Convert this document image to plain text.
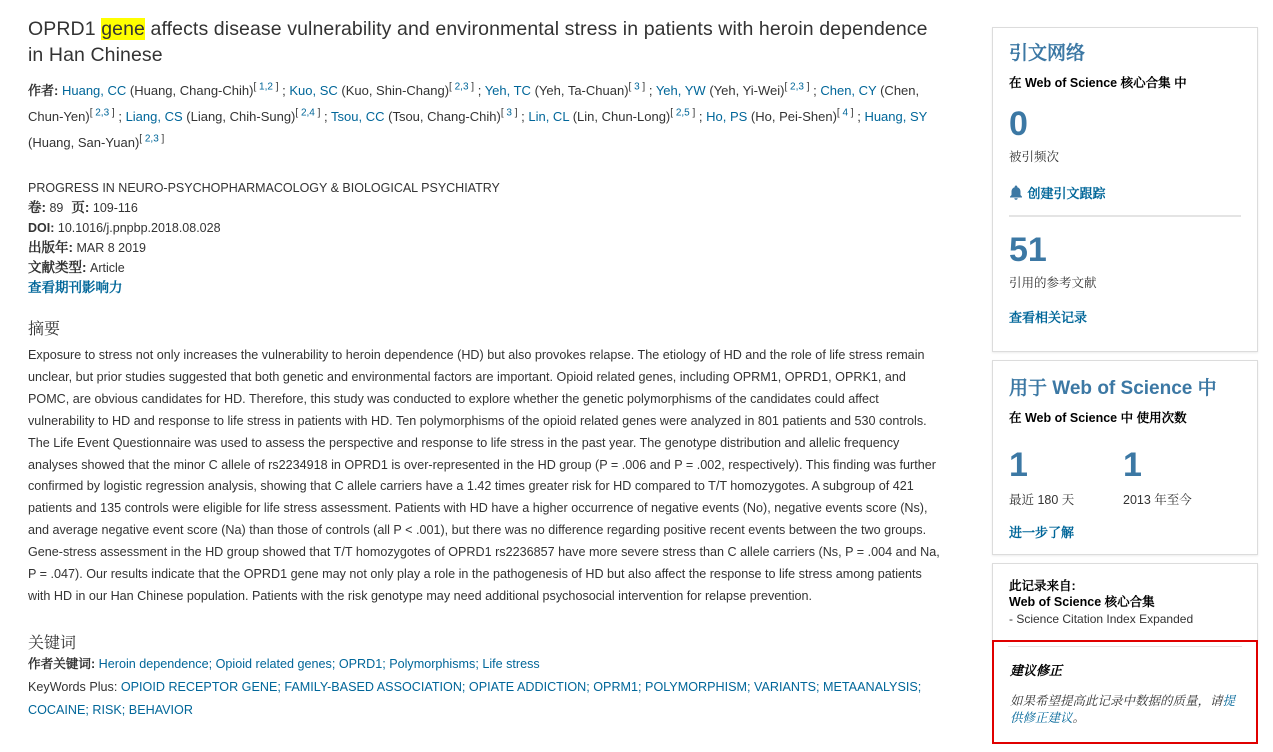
OPRD1 gene affects disease vulnerability and environmental stress in patients with heroin dependence in Han Chinese
作者: Huang, CC (Huang, Chang-Chih)[ 1,2 ] ; Kuo, SC (Kuo, Shin-Chang)[ 2,3 ] ; Yeh, TC (Yeh, Ta-Chuan)[ 3 ] ; Yeh, YW (Yeh, Yi-Wei)[ 2,3 ] ; Chen, CY (Chen, Chun-Yen)[ 2,3 ] ; Liang, CS (Liang, Chih-Sung)[ 2,4 ] ; Tsou, CC (Tsou, Chang-Chih)[ 3 ] ; Lin, CL (Lin, Chun-Long)[ 2,5 ] ; Ho, PS (Ho, Pei-Shen)[ 4 ] ; Huang, SY (Huang, San-Yuan)[ 2,3 ]
PROGRESS IN NEURO-PSYCHOPHARMACOLOGY & BIOLOGICAL PSYCHIATRY
卷: 89 页: 109-116
DOI: 10.1016/j.pnpbp.2018.08.028
出版年: MAR 8 2019
文献类型: Article
查看期刊影响力
摘要

Exposure to stress not only increases the vulnerability to heroin dependence (HD) but also provokes relapse. The etiology of HD and the role of life stress remain unclear, but prior studies suggested that both genetic and environmental factors are important. Opioid related genes, including OPRM1, OPRD1, OPRK1, and POMC, are obvious candidates for HD. Therefore, this study was conducted to explore whether the genetic polymorphisms of the candidates could affect vulnerability to HD and response to life stress in patients with HD. Ten polymorphisms of the opioid related genes were analyzed in 801 patients and 530 controls. The Life Event Questionnaire was used to assess the perspective and response to life stress in the past year. The genotype distribution and allelic frequency analyses showed that the minor C allele of rs2234918 in OPRD1 is over-represented in the HD group (P = .006 and P = .002, respectively). This finding was further confirmed by logistic regression analysis, showing that C allele carriers have a 1.42 times greater risk for HD compared to T/T homozygotes. A subgroup of 421 patients and 135 controls were eligible for life stress assessment. Patients with HD have a higher occurrence of negative events (No), negative events score (Ns), and average negative event score (Na) than those of controls (all P < .001), but there was no difference regarding positive recent events between the two groups. Gene-stress assessment in the HD group showed that T/T homozygotes of OPRD1 rs2236857 have more severe stress than C allele carriers (Ns, P = .004 and Na, P = .047). Our results indicate that the OPRD1 gene may not only play a role in the pathogenesis of HD but also affect the response to life stress among patients with HD in our Han Chinese population. Patients with the risk genotype may need additional psychosocial intervention for relapse prevention.

关键词
作者关键词: Heroin dependence; Opioid related genes; OPRD1; Polymorphisms; Life stress
KeyWords Plus: OPIOID RECEPTOR GENE; FAMILY-BASED ASSOCIATION; OPIATE ADDICTION; OPRM1; POLYMORPHISM; VARIANTS; METAANALYSIS; COCAINE; RISK; BEHAVIOR
引文网络
在 Web of Science 核心合集 中
0
被引频次
创建引文跟踪
51
引用的参考文献
查看相关记录
用于 Web of Science 中
在 Web of Science 中 使用次数
1
最近 180 天
1
2013 年至今
进一步了解
此记录来自:
Web of Science 核心合集
- Science Citation Index Expanded
建议修正
如果希望提高此记录中数据的质量，请提供修正建议。
